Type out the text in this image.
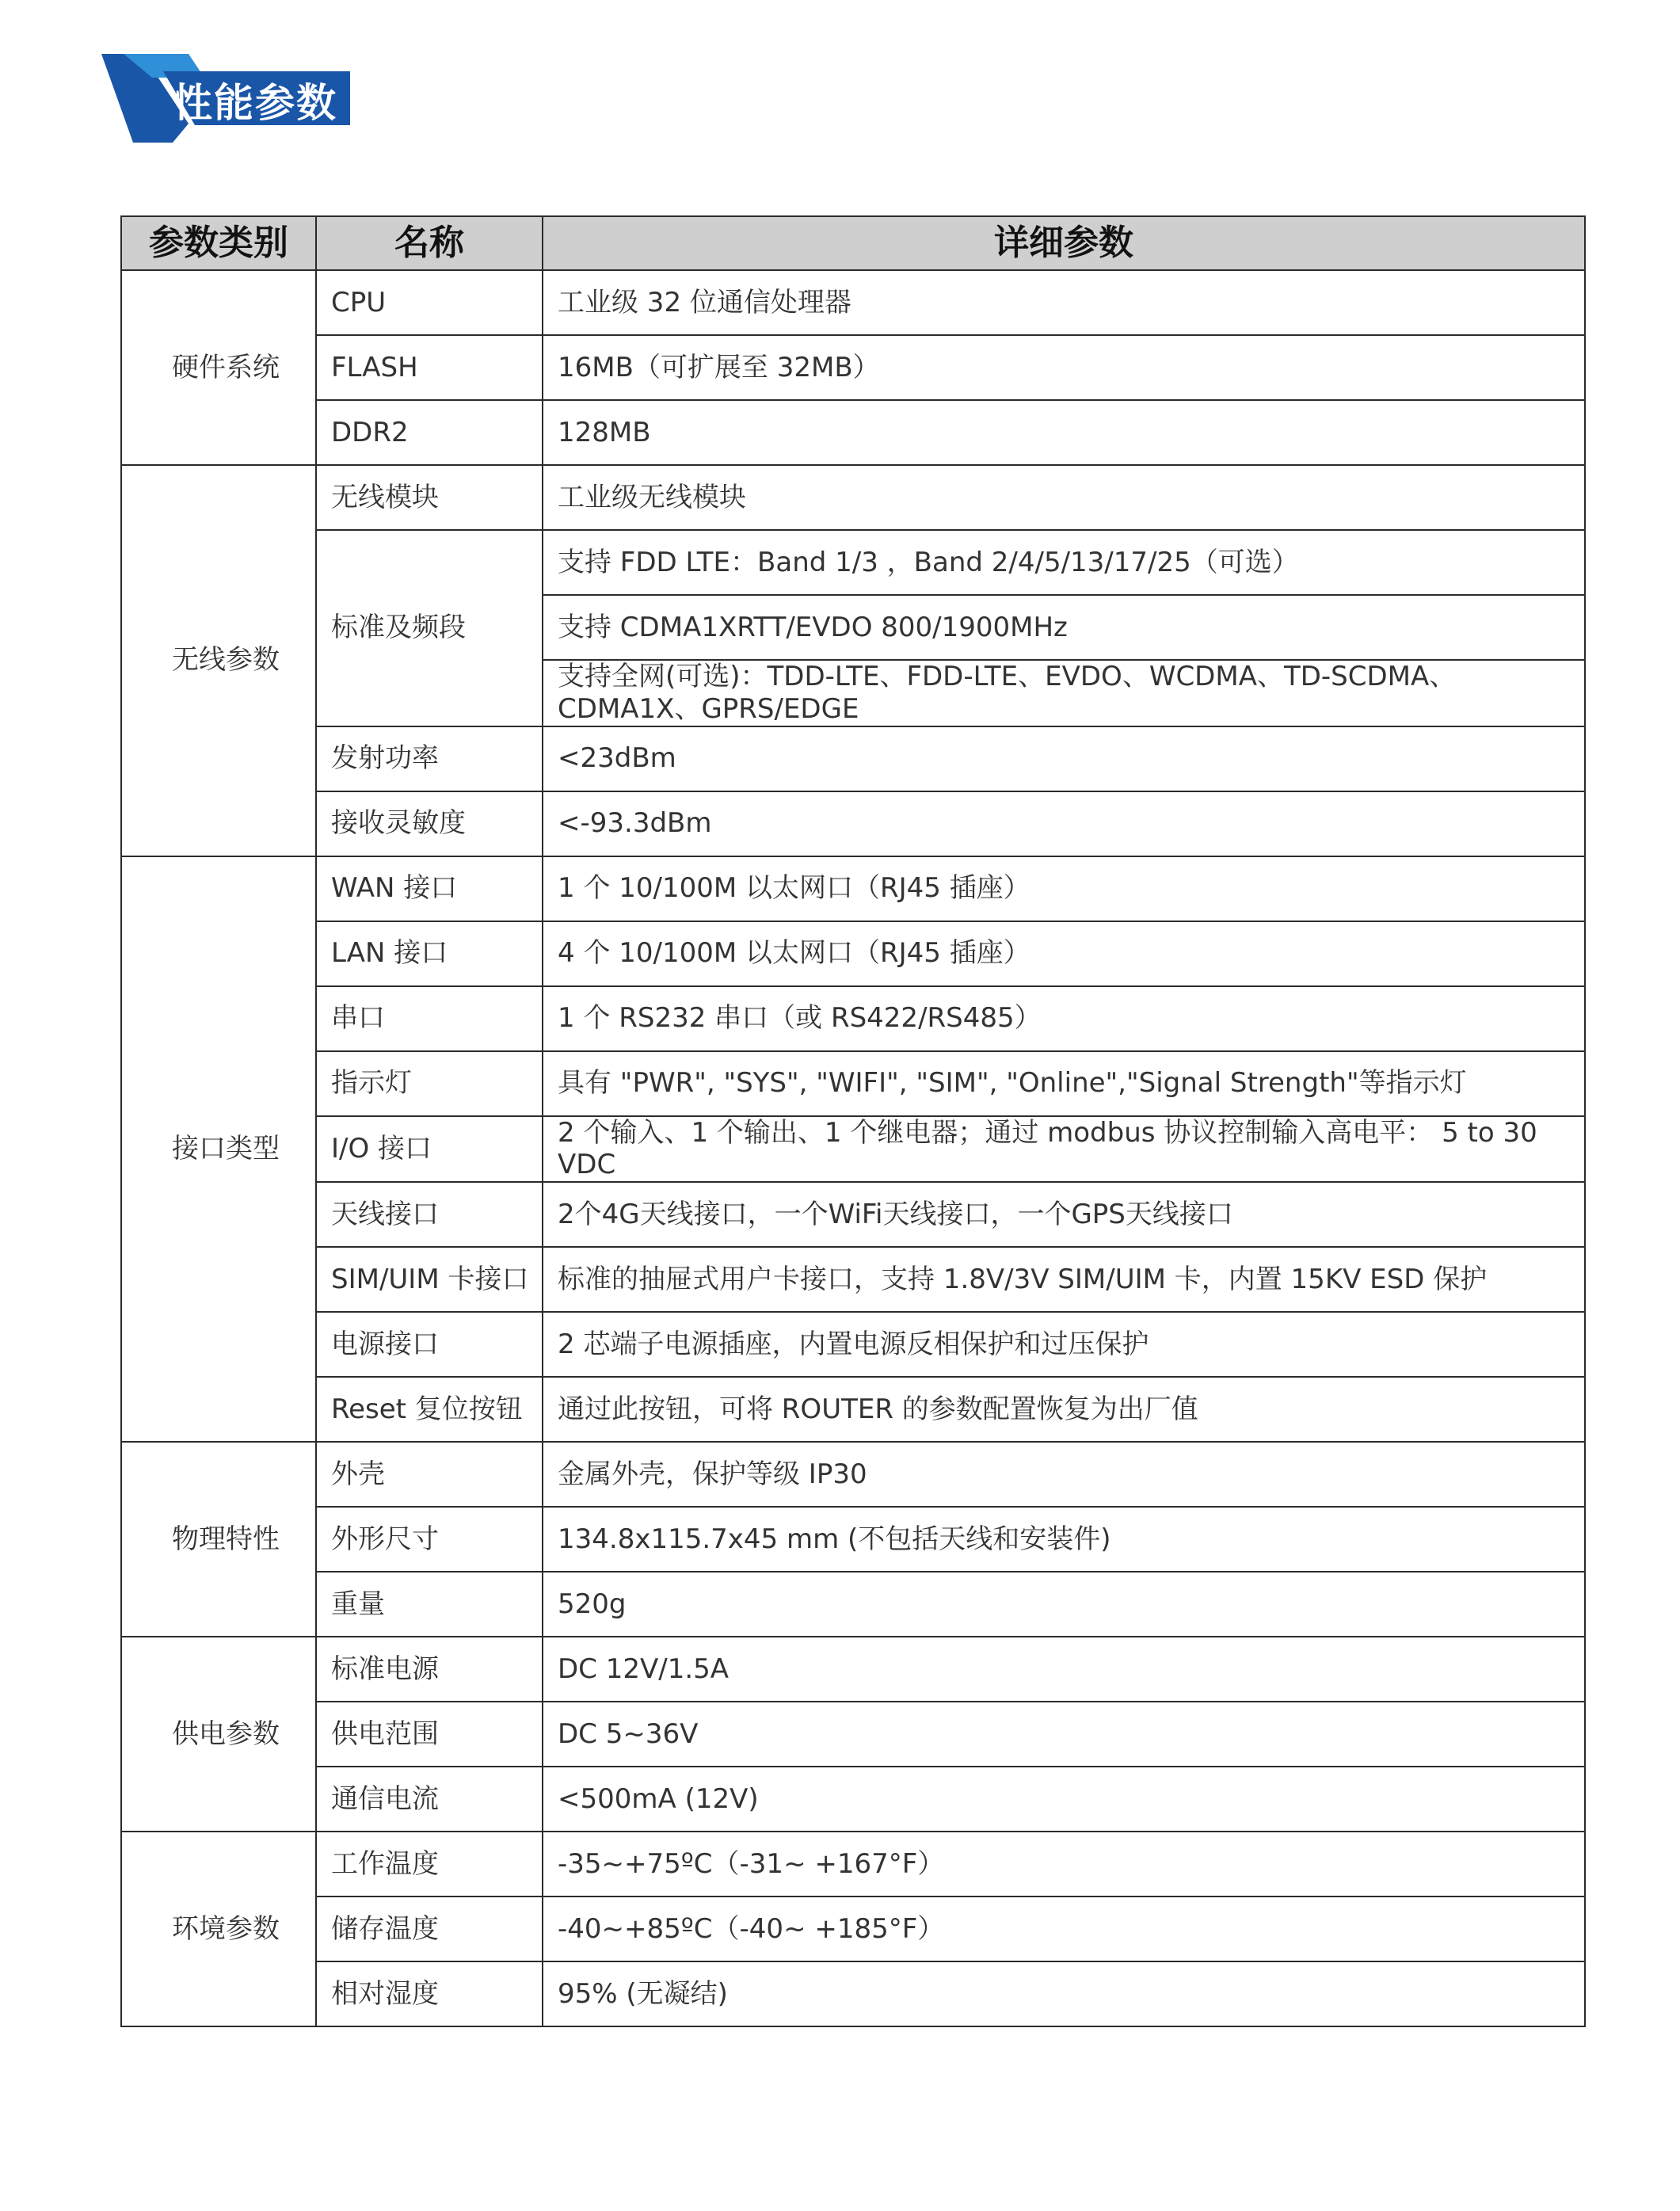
性能参数
参数类别	名称	详细参数
硬件系统	CPU	工业级 32 位通信处理器
	FLASH	16MB（可扩展至 32MB）
	DDR2	128MB
无线参数	无线模块	工业级无线模块
	标准及频段	支持 FDD LTE：Band 1/3 ，Band 2/4/5/13/17/25（可选）
		支持 CDMA1XRTT/EVDO 800/1900MHz
		支持全网(可选)：TDD-LTE、FDD-LTE、EVDO、WCDMA、TD-SCDMA、CDMA1X、GPRS/EDGE
	发射功率	<23dBm
	接收灵敏度	<-93.3dBm
接口类型	WAN 接口	1 个 10/100M 以太网口（RJ45 插座）
	LAN 接口	4 个 10/100M 以太网口（RJ45 插座）
	串口	1 个 RS232 串口（或 RS422/RS485）
	指示灯	具有 "PWR", "SYS", "WIFI", "SIM", "Online","Signal Strength"等指示灯
	I/O 接口	2 个输入、1 个输出、1 个继电器；通过 modbus 协议控制输入高电平： 5 to 30 VDC
	天线接口	2个4G天线接口，一个WiFi天线接口，一个GPS天线接口
	SIM/UIM 卡接口	标准的抽屉式用户卡接口，支持 1.8V/3V SIM/UIM 卡，内置 15KV ESD 保护
	电源接口	2 芯端子电源插座，内置电源反相保护和过压保护
	Reset 复位按钮	通过此按钮，可将 ROUTER 的参数配置恢复为出厂值
物理特性	外壳	金属外壳，保护等级 IP30
	外形尺寸	134.8x115.7x45 mm (不包括天线和安装件)
	重量	520g
供电参数	标准电源	DC 12V/1.5A
	供电范围	DC 5~36V
	通信电流	<500mA (12V)
环境参数	工作温度	-35~+75ºC（-31~ +167°F）
	储存温度	-40~+85ºC（-40~ +185°F）
	相对湿度	95% (无凝结)
